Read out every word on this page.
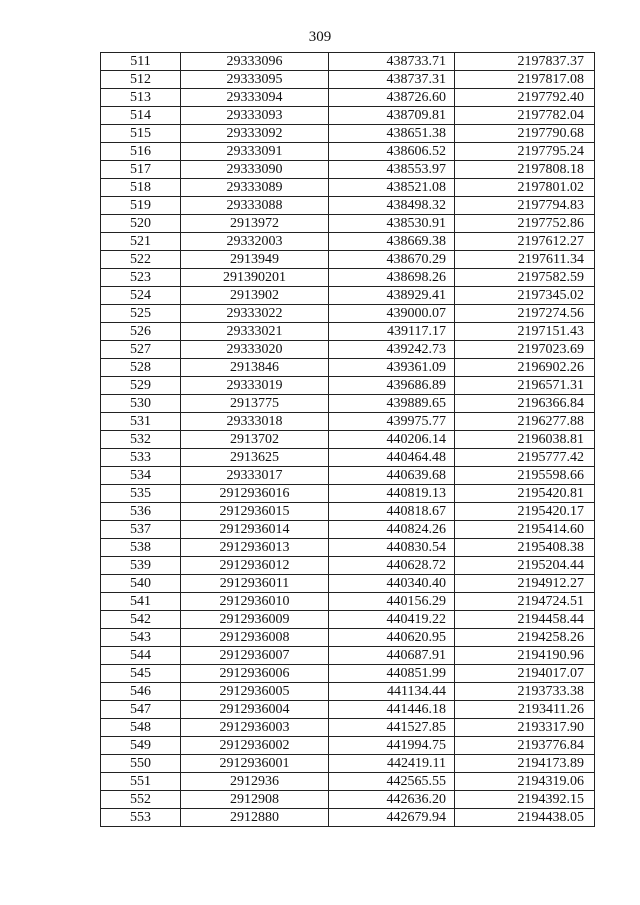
309
511	29333096	438733.71	2197837.37
512	29333095	438737.31	2197817.08
513	29333094	438726.60	2197792.40
514	29333093	438709.81	2197782.04
515	29333092	438651.38	2197790.68
516	29333091	438606.52	2197795.24
517	29333090	438553.97	2197808.18
518	29333089	438521.08	2197801.02
519	29333088	438498.32	2197794.83
520	2913972	438530.91	2197752.86
521	29332003	438669.38	2197612.27
522	2913949	438670.29	2197611.34
523	291390201	438698.26	2197582.59
524	2913902	438929.41	2197345.02
525	29333022	439000.07	2197274.56
526	29333021	439117.17	2197151.43
527	29333020	439242.73	2197023.69
528	2913846	439361.09	2196902.26
529	29333019	439686.89	2196571.31
530	2913775	439889.65	2196366.84
531	29333018	439975.77	2196277.88
532	2913702	440206.14	2196038.81
533	2913625	440464.48	2195777.42
534	29333017	440639.68	2195598.66
535	2912936016	440819.13	2195420.81
536	2912936015	440818.67	2195420.17
537	2912936014	440824.26	2195414.60
538	2912936013	440830.54	2195408.38
539	2912936012	440628.72	2195204.44
540	2912936011	440340.40	2194912.27
541	2912936010	440156.29	2194724.51
542	2912936009	440419.22	2194458.44
543	2912936008	440620.95	2194258.26
544	2912936007	440687.91	2194190.96
545	2912936006	440851.99	2194017.07
546	2912936005	441134.44	2193733.38
547	2912936004	441446.18	2193411.26
548	2912936003	441527.85	2193317.90
549	2912936002	441994.75	2193776.84
550	2912936001	442419.11	2194173.89
551	2912936	442565.55	2194319.06
552	2912908	442636.20	2194392.15
553	2912880	442679.94	2194438.05
